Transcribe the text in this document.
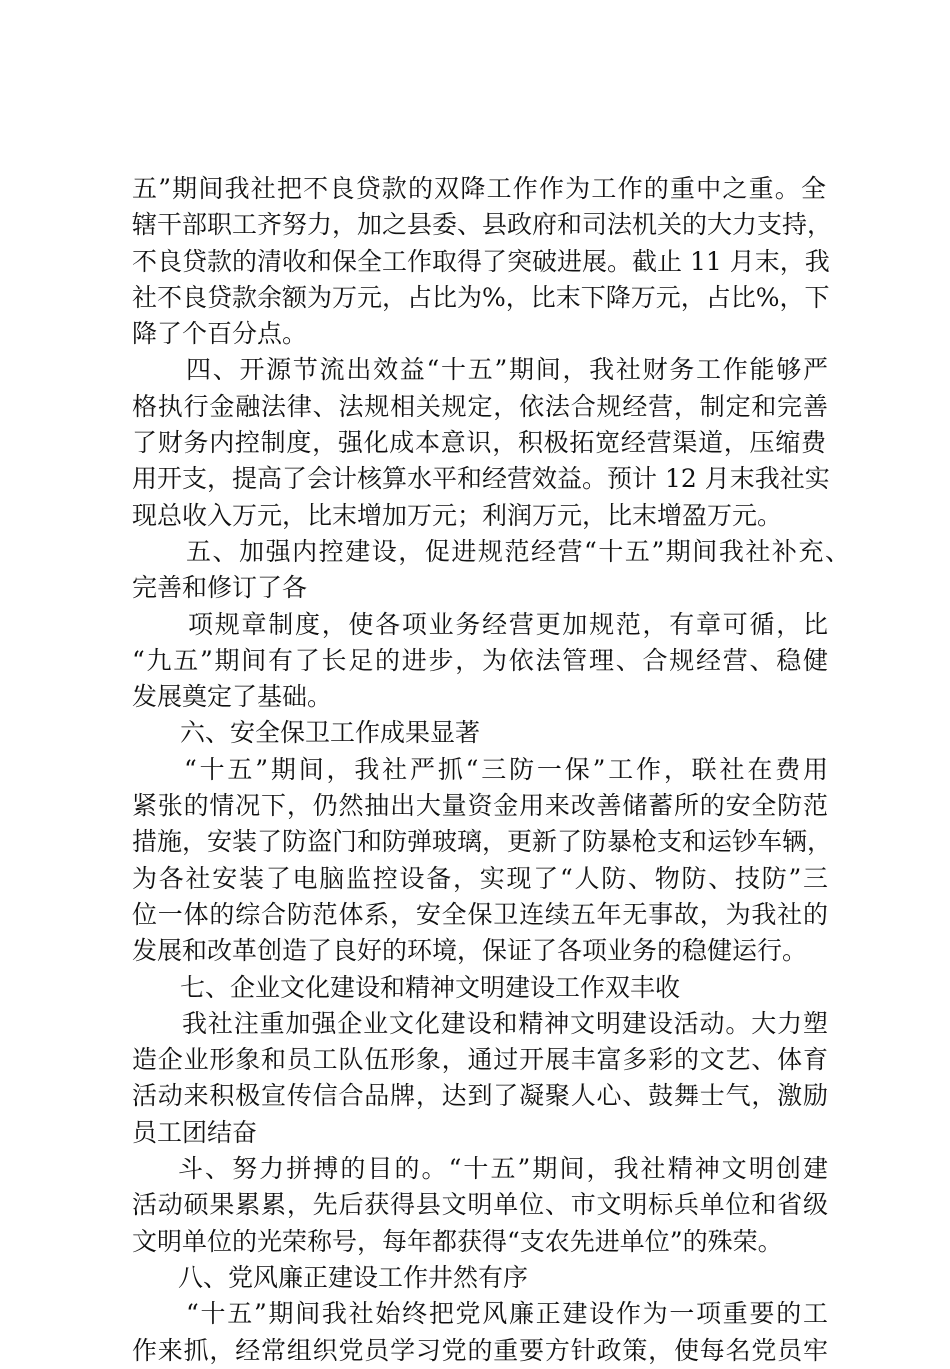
五”期间我社把不良贷款的双降工作作为工作的重中之重。全
辖干部职工齐努力，加之县委、县政府和司法机关的大力支持，
不良贷款的清收和保全工作取得了突破进展。截止 11 月末，我
社不良贷款余额为万元，占比为%，比末下降万元，占比%，下
降了个百分点。
四、开源节流出效益“十五”期间，我社财务工作能够严
格执行金融法律、法规相关规定，依法合规经营，制定和完善
了财务内控制度，强化成本意识，积极拓宽经营渠道，压缩费
用开支，提高了会计核算水平和经营效益。预计 12 月末我社实
现总收入万元，比末增加万元；利润万元，比末增盈万元。
五、加强内控建设，促进规范经营“十五”期间我社补充、
完善和修订了各
项规章制度，使各项业务经营更加规范，有章可循，比
“九五”期间有了长足的进步，为依法管理、合规经营、稳健
发展奠定了基础。
六、安全保卫工作成果显著
“十五”期间，我社严抓“三防一保”工作，联社在费用
紧张的情况下，仍然抽出大量资金用来改善储蓄所的安全防范
措施，安装了防盗门和防弹玻璃，更新了防暴枪支和运钞车辆，
为各社安装了电脑监控设备，实现了“人防、物防、技防”三
位一体的综合防范体系，安全保卫连续五年无事故，为我社的
发展和改革创造了良好的环境，保证了各项业务的稳健运行。
七、企业文化建设和精神文明建设工作双丰收
我社注重加强企业文化建设和精神文明建设活动。大力塑
造企业形象和员工队伍形象，通过开展丰富多彩的文艺、体育
活动来积极宣传信合品牌，达到了凝聚人心、鼓舞士气，激励
员工团结奋
斗、努力拼搏的目的。“十五”期间，我社精神文明创建
活动硕果累累，先后获得县文明单位、市文明标兵单位和省级
文明单位的光荣称号，每年都获得“支农先进单位”的殊荣。
八、党风廉正建设工作井然有序
“十五”期间我社始终把党风廉正建设作为一项重要的工
作来抓，经常组织党员学习党的重要方针政策，使每名党员牢
